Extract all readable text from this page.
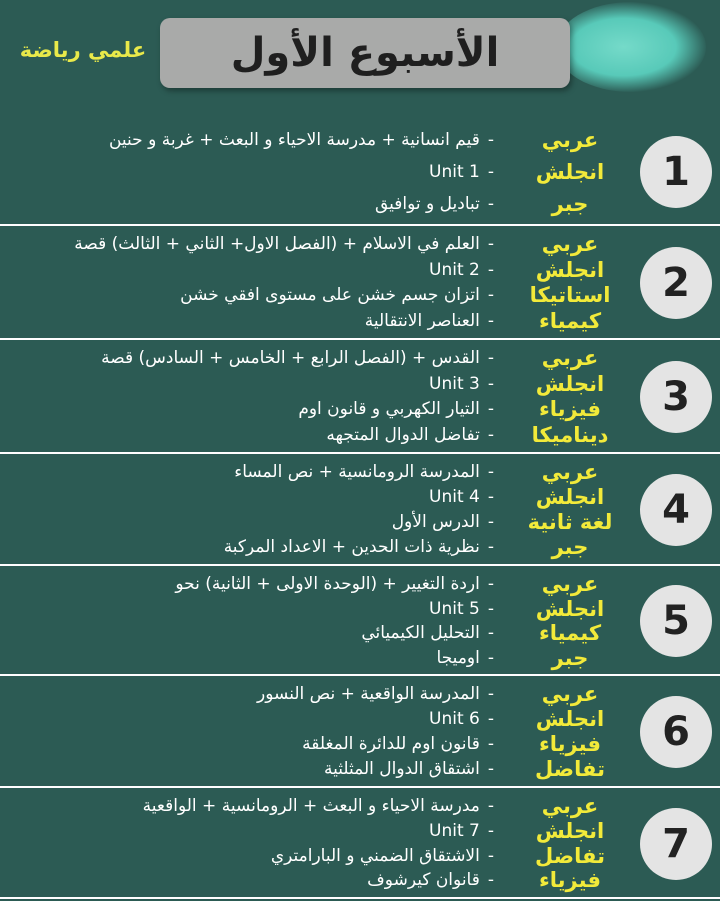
الأسبوع الأول
علمي رياضة
1
عربي
انجلش
جبر
-قيم انسانية + مدرسة الاحياء و البعث + غربة و حنين
-Unit 1
-تباديل و توافيق
2
عربي
انجلش
استاتيكا
كيمياء
-العلم في الاسلام + (الفصل الاول+ الثاني + الثالث) قصة
-Unit 2
-اتزان جسم خشن على مستوى افقي خشن
-العناصر الانتقالية
3
عربي
انجلش
فيزياء
ديناميكا
-القدس + (الفصل الرابع + الخامس + السادس) قصة
-Unit 3
-التيار الكهربي و قانون اوم
-تفاضل الدوال المتجهه
4
عربي
انجلش
لغة ثانية
جبر
-المدرسة الرومانسية + نص المساء
-Unit 4
-الدرس الأول
-نظرية ذات الحدين + الاعداد المركبة
5
عربي
انجلش
كيمياء
جبر
-اردة التغيير + (الوحدة الاولى + الثانية) نحو
-Unit 5
-التحليل الكيميائي
-اوميجا
6
عربي
انجلش
فيزياء
تفاضل
-المدرسة الواقعية + نص النسور
-Unit 6
-قانون اوم للدائرة المغلقة
-اشتقاق الدوال المثلثية
7
عربي
انجلش
تفاضل
فيزياء
-مدرسة الاحياء و البعث + الرومانسية + الواقعية
-Unit 7
-الاشتقاق الضمني و البارامتري
-قانوان كيرشوف
